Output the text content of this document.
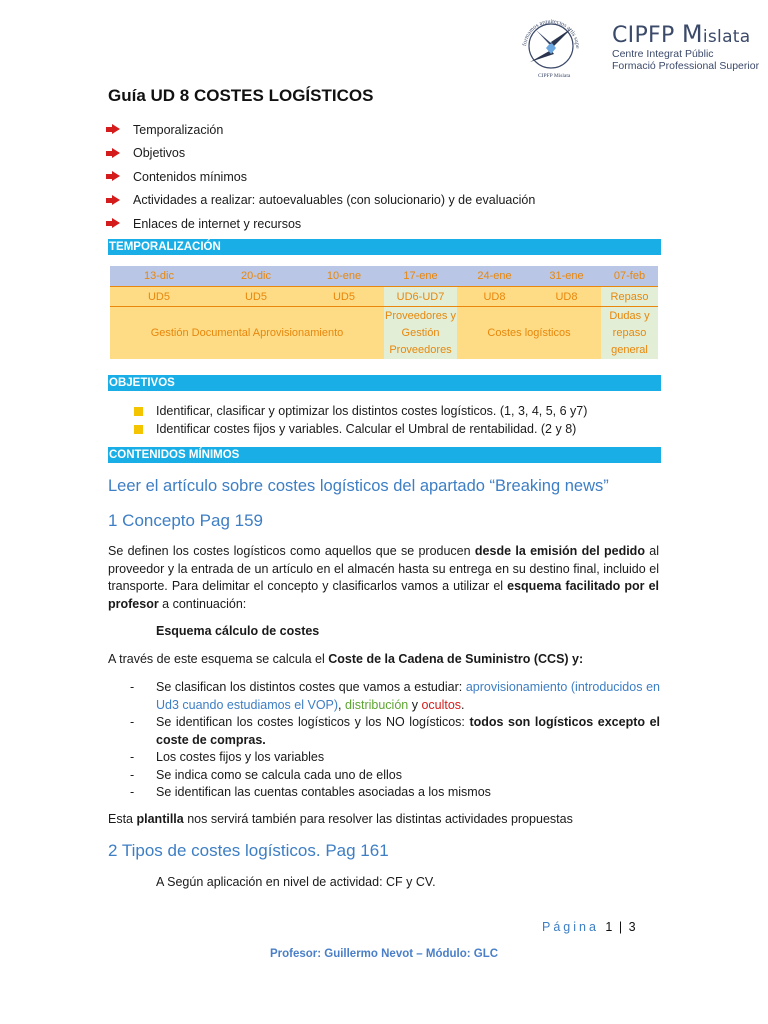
formamos arquitectos artis supe
CIPFP Mislata
CIPFP Mislata
Centre Integrat Públic
Formació Professional Superior
Guía UD 8 COSTES LOGÍSTICOS
Temporalización
Objetivos
Contenidos mínimos
Actividades a realizar: autoevaluables (con solucionario) y de evaluación
Enlaces de internet y recursos
TEMPORALIZACIÓN
13-dic	20-dic	10-ene	17-ene	24-ene	31-ene	07-feb
UD5	UD5	UD5	UD6-UD7	UD8	UD8	Repaso
Gestión Documental Aprovisionamiento			Proveedores y Gestión Proveedores	Costes logísticos		Dudas y repaso general
OBJETIVOS
Identificar, clasificar y optimizar los distintos costes logísticos. (1, 3, 4, 5, 6 y7)
Identificar costes fijos y variables. Calcular el Umbral de rentabilidad. (2 y 8)
CONTENIDOS MÍNIMOS
Leer el artículo sobre costes logísticos del apartado “Breaking news”
1 Concepto Pag 159

Se definen los costes logísticos como aquellos que se producen desde la emisión del pedido al proveedor y la entrada de un artículo en el almacén hasta su entrega en su destino final, incluido el transporte. Para delimitar el concepto y clasificarlos vamos a utilizar el esquema facilitado por el profesor a continuación:

Esquema cálculo de costes

A través de este esquema se calcula el Coste de la Cadena de Suministro (CCS) y:

- Se clasifican los distintos costes que vamos a estudiar: aprovisionamiento (introducidos en Ud3 cuando estudiamos el VOP), distribución y ocultos.
- Se identifican los costes logísticos y los NO logísticos: todos son logísticos excepto el coste de compras.
- Los costes fijos y los variables
- Se indica como se calcula cada uno de ellos
- Se identifican las cuentas contables asociadas a los mismos

Esta plantilla nos servirá también para resolver las distintas actividades propuestas

2 Tipos de costes logísticos. Pag 161
A Según aplicación en nivel de actividad: CF y CV.
Página 1 | 3
Profesor: Guillermo Nevot – Módulo: GLC
